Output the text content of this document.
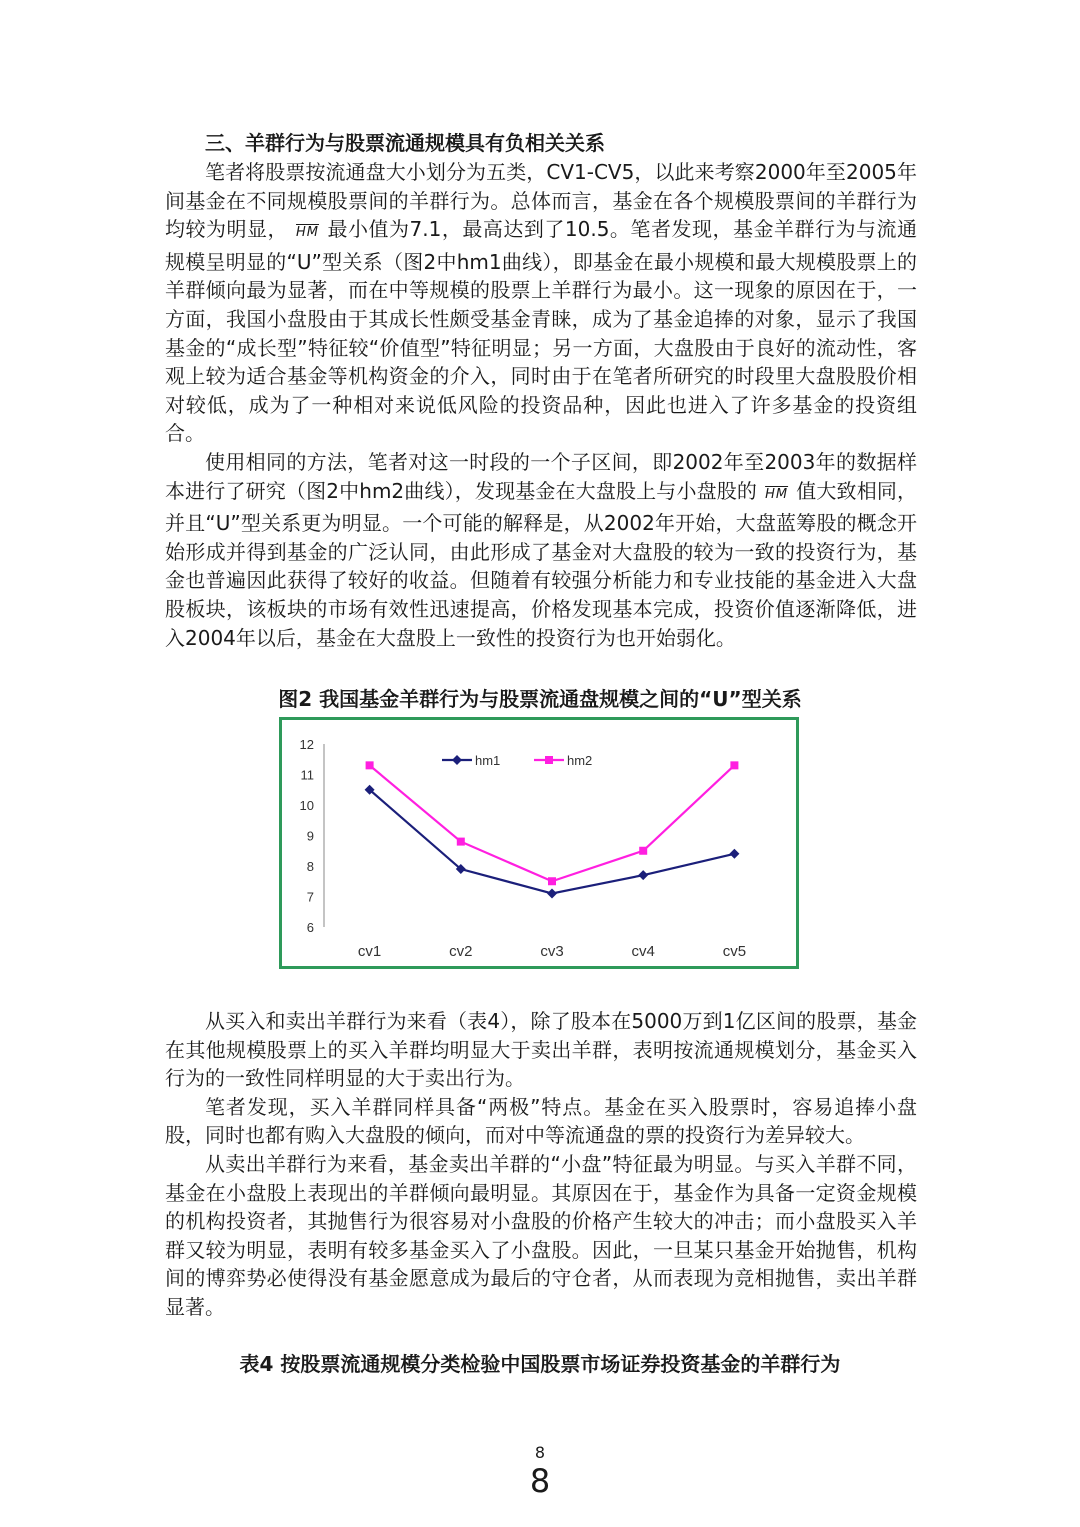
三、羊群行为与股票流通规模具有负相关关系

笔者将股票按流通盘大小划分为五类，CV1-CV5，以此来考察2000年至2005年间基金在不同规模股票间的羊群行为。总体而言，基金在各个规模股票间的羊群行为均较为明显， $\overline{HM}$ 最小值为7.1，最高达到了10.5。笔者发现，基金羊群行为与流通规模呈明显的“U”型关系（图2中hm1曲线），即基金在最小规模和最大规模股票上的羊群倾向最为显著，而在中等规模的股票上羊群行为最小。这一现象的原因在于，一方面，我国小盘股由于其成长性颇受基金青睐，成为了基金追捧的对象，显示了我国基金的“成长型”特征较“价值型”特征明显；另一方面，大盘股由于良好的流动性，客观上较为适合基金等机构资金的介入，同时由于在笔者所研究的时段里大盘股股价相对较低，成为了一种相对来说低风险的投资品种，因此也进入了许多基金的投资组合。

使用相同的方法，笔者对这一时段的一个子区间，即2002年至2003年的数据样本进行了研究（图2中hm2曲线），发现基金在大盘股上与小盘股的 $\overline{HM}$ 值大致相同，并且“U”型关系更为明显。一个可能的解释是，从2002年开始，大盘蓝筹股的概念开始形成并得到基金的广泛认同，由此形成了基金对大盘股的较为一致的投资行为，基金也普遍因此获得了较好的收益。但随着有较强分析能力和专业技能的基金进入大盘股板块，该板块的市场有效性迅速提高，价格发现基本完成，投资价值逐渐降低，进入2004年以后，基金在大盘股上一致性的投资行为也开始弱化。

图2 我国基金羊群行为与股票流通盘规模之间的“U”型关系

6
7
8
9
10
11
12
cv1	cv2	cv3	cv4	cv5
hm1	hm2

从买入和卖出羊群行为来看（表4），除了股本在5000万到1亿区间的股票，基金在其他规模股票上的买入羊群均明显大于卖出羊群，表明按流通规模划分，基金买入行为的一致性同样明显的大于卖出行为。

笔者发现，买入羊群同样具备“两极”特点。基金在买入股票时，容易追捧小盘股，同时也都有购入大盘股的倾向，而对中等流通盘的票的投资行为差异较大。

从卖出羊群行为来看，基金卖出羊群的“小盘”特征最为明显。与买入羊群不同，基金在小盘股上表现出的羊群倾向最明显。其原因在于，基金作为具备一定资金规模的机构投资者，其抛售行为很容易对小盘股的价格产生较大的冲击；而小盘股买入羊群又较为明显，表明有较多基金买入了小盘股。因此，一旦某只基金开始抛售，机构间的博弈势必使得没有基金愿意成为最后的守仓者，从而表现为竞相抛售，卖出羊群显著。

表4 按股票流通规模分类检验中国股票市场证券投资基金的羊群行为

8
8
